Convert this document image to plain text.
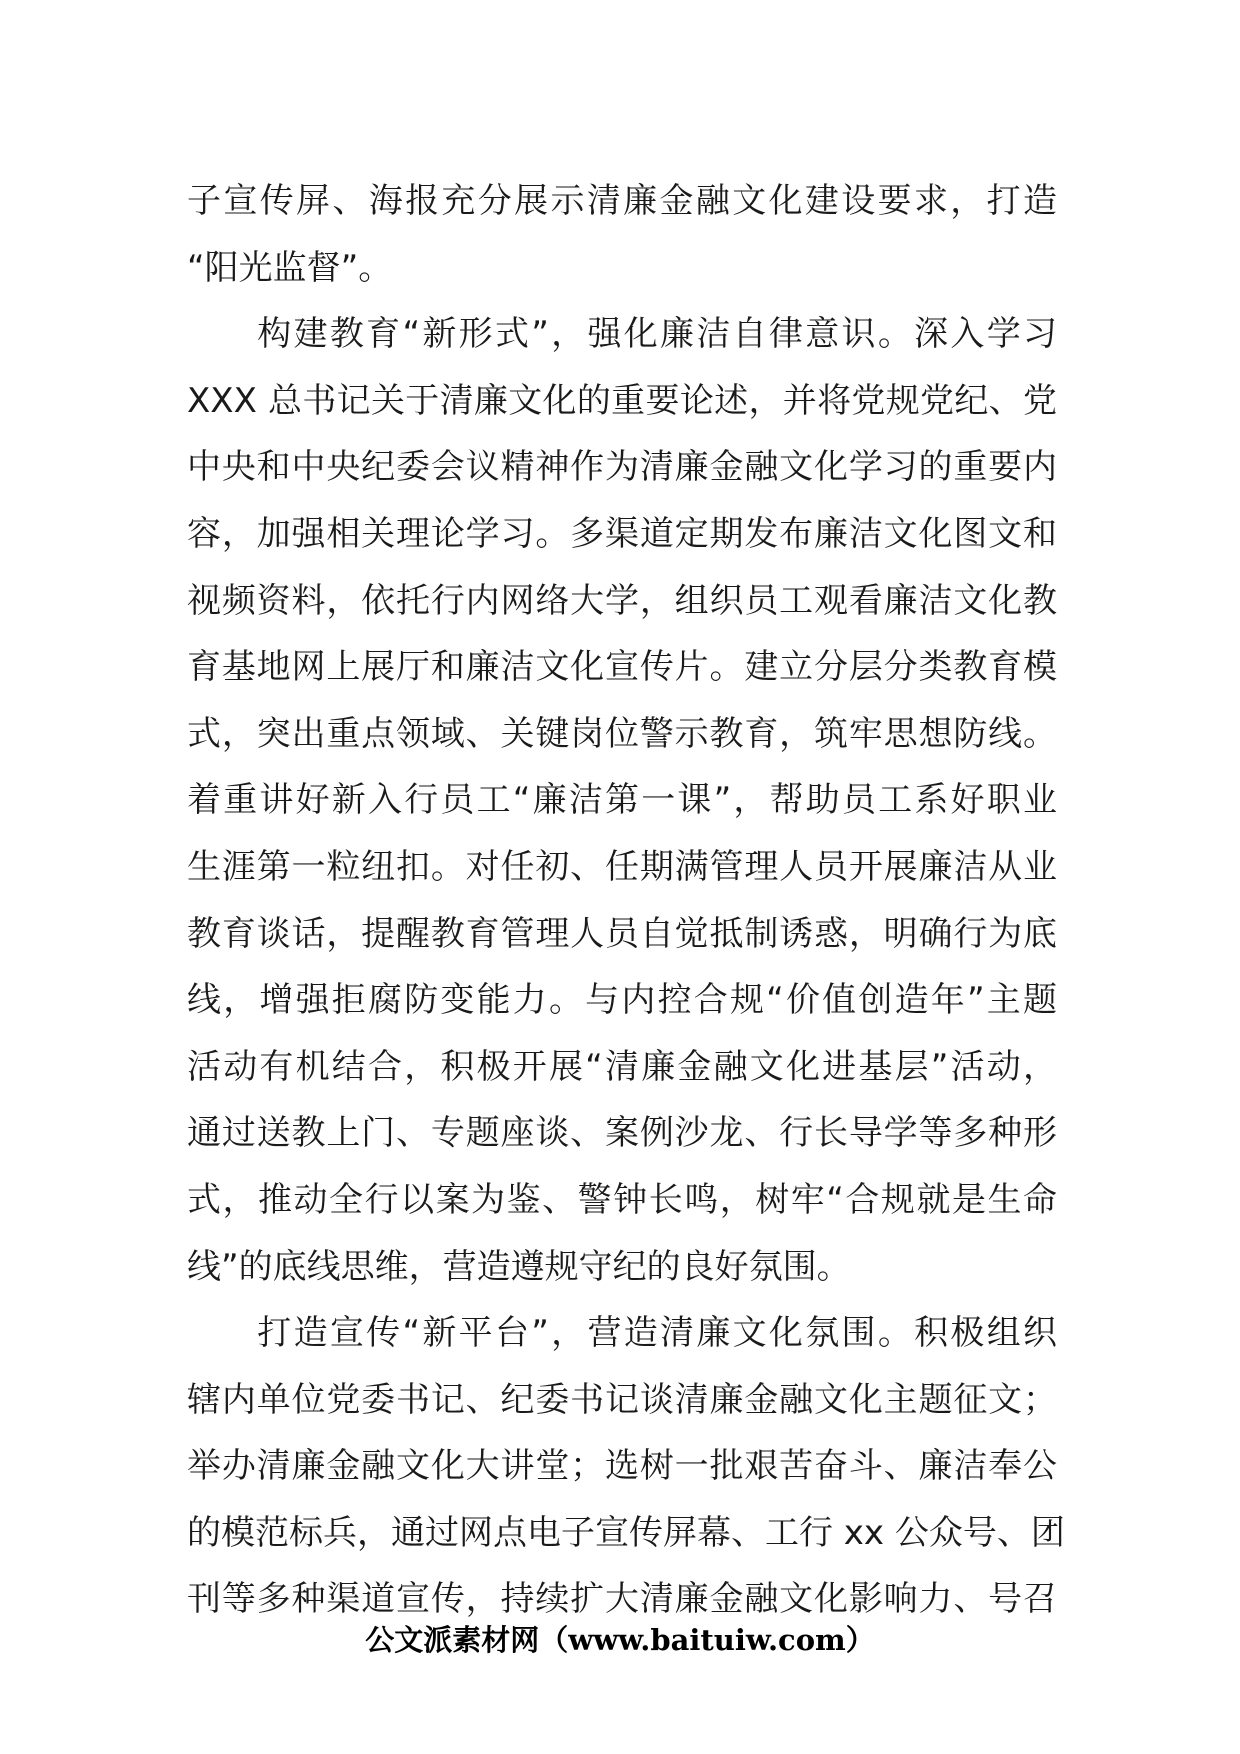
子宣传屏、海报充分展示清廉金融文化建设要求，打造
“阳光监督”。
构建教育“新形式”，强化廉洁自律意识。深入学习
XXX 总书记关于清廉文化的重要论述，并将党规党纪、党
中央和中央纪委会议精神作为清廉金融文化学习的重要内
容，加强相关理论学习。多渠道定期发布廉洁文化图文和
视频资料，依托行内网络大学，组织员工观看廉洁文化教
育基地网上展厅和廉洁文化宣传片。建立分层分类教育模
式，突出重点领域、关键岗位警示教育，筑牢思想防线。
着重讲好新入行员工“廉洁第一课”，帮助员工系好职业
生涯第一粒纽扣。对任初、任期满管理人员开展廉洁从业
教育谈话，提醒教育管理人员自觉抵制诱惑，明确行为底
线，增强拒腐防变能力。与内控合规“价值创造年”主题
活动有机结合，积极开展“清廉金融文化进基层”活动，
通过送教上门、专题座谈、案例沙龙、行长导学等多种形
式，推动全行以案为鉴、警钟长鸣，树牢“合规就是生命
线”的底线思维，营造遵规守纪的良好氛围。
打造宣传“新平台”，营造清廉文化氛围。积极组织
辖内单位党委书记、纪委书记谈清廉金融文化主题征文；
举办清廉金融文化大讲堂；选树一批艰苦奋斗、廉洁奉公
的模范标兵，通过网点电子宣传屏幕、工行 xx 公众号、团
刊等多种渠道宣传，持续扩大清廉金融文化影响力、号召
公文派素材网（www.baituiw.com）
